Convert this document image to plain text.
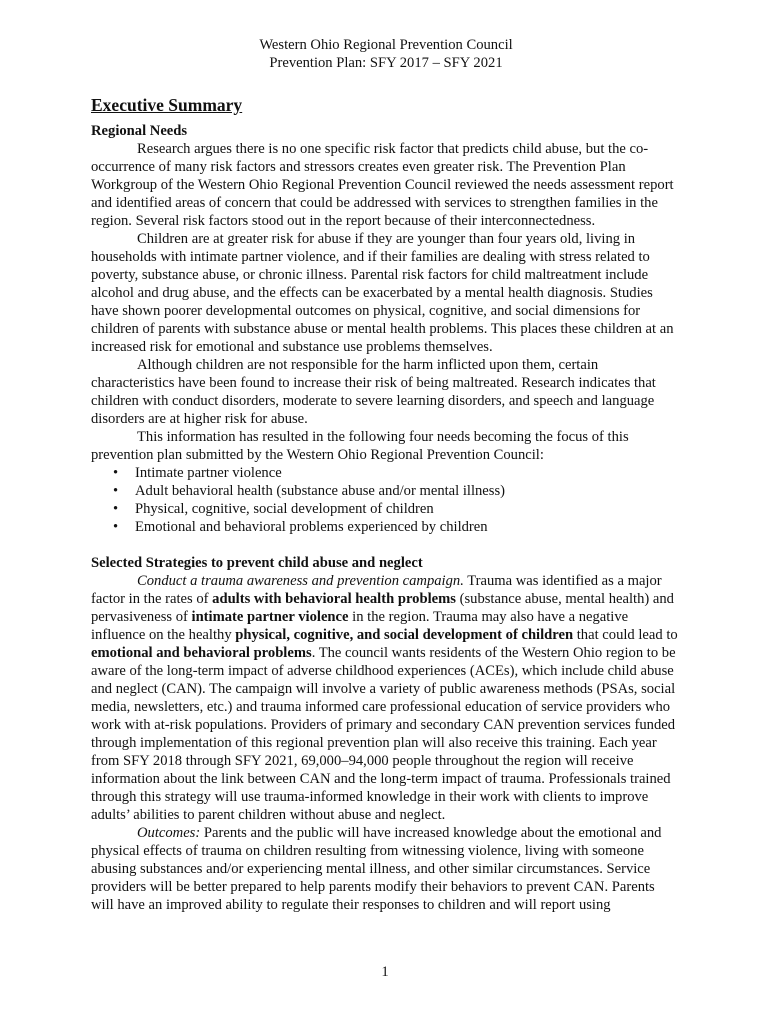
Western Ohio Regional Prevention Council
Prevention Plan: SFY 2017 – SFY 2021
Executive Summary
Regional Needs

Research argues there is no one specific risk factor that predicts child abuse, but the co-occurrence of many risk factors and stressors creates even greater risk. The Prevention Plan Workgroup of the Western Ohio Regional Prevention Council reviewed the needs assessment report and identified areas of concern that could be addressed with services to strengthen families in the region. Several risk factors stood out in the report because of their interconnectedness.

Children are at greater risk for abuse if they are younger than four years old, living in households with intimate partner violence, and if their families are dealing with stress related to poverty, substance abuse, or chronic illness. Parental risk factors for child maltreatment include alcohol and drug abuse, and the effects can be exacerbated by a mental health diagnosis. Studies have shown poorer developmental outcomes on physical, cognitive, and social dimensions for children of parents with substance abuse or mental health problems. This places these children at an increased risk for emotional and substance use problems themselves.

Although children are not responsible for the harm inflicted upon them, certain characteristics have been found to increase their risk of being maltreated. Research indicates that children with conduct disorders, moderate to severe learning disorders, and speech and language disorders are at higher risk for abuse.

This information has resulted in the following four needs becoming the focus of this prevention plan submitted by the Western Ohio Regional Prevention Council:

• Intimate partner violence
• Adult behavioral health (substance abuse and/or mental illness)
• Physical, cognitive, social development of children
• Emotional and behavioral problems experienced by children
Selected Strategies to prevent child abuse and neglect

Conduct a trauma awareness and prevention campaign. Trauma was identified as a major factor in the rates of adults with behavioral health problems (substance abuse, mental health) and pervasiveness of intimate partner violence in the region. Trauma may also have a negative influence on the healthy physical, cognitive, and social development of children that could lead to emotional and behavioral problems. The council wants residents of the Western Ohio region to be aware of the long-term impact of adverse childhood experiences (ACEs), which include child abuse and neglect (CAN). The campaign will involve a variety of public awareness methods (PSAs, social media, newsletters, etc.) and trauma informed care professional education of service providers who work with at-risk populations. Providers of primary and secondary CAN prevention services funded through implementation of this regional prevention plan will also receive this training. Each year from SFY 2018 through SFY 2021, 69,000–94,000 people throughout the region will receive information about the link between CAN and the long-term impact of trauma. Professionals trained through this strategy will use trauma-informed knowledge in their work with clients to improve adults’ abilities to parent children without abuse and neglect.

Outcomes: Parents and the public will have increased knowledge about the emotional and physical effects of trauma on children resulting from witnessing violence, living with someone abusing substances and/or experiencing mental illness, and other similar circumstances. Service providers will be better prepared to help parents modify their behaviors to prevent CAN. Parents will have an improved ability to regulate their responses to children and will report using

1
